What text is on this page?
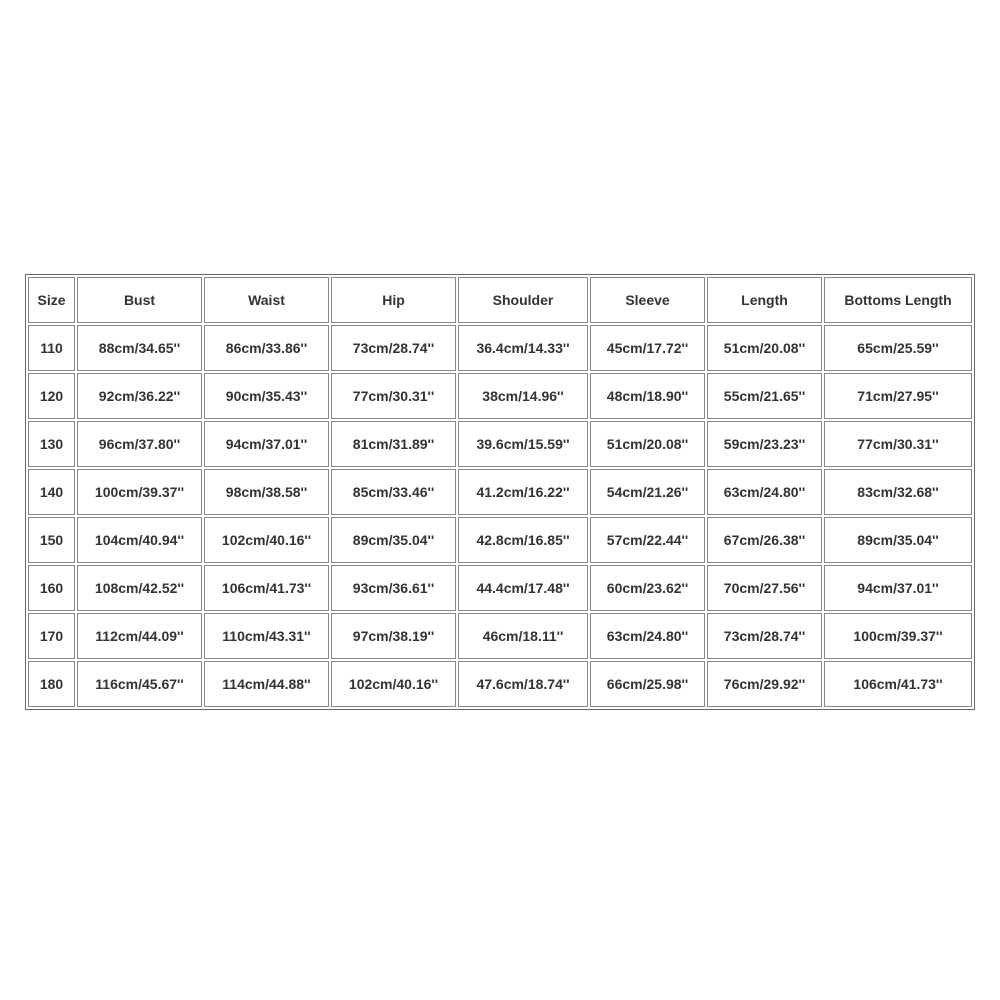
Size	Bust	Waist	Hip	Shoulder	Sleeve	Length	Bottoms Length
110	88cm/34.65''	86cm/33.86''	73cm/28.74''	36.4cm/14.33''	45cm/17.72''	51cm/20.08''	65cm/25.59''
120	92cm/36.22''	90cm/35.43''	77cm/30.31''	38cm/14.96''	48cm/18.90''	55cm/21.65''	71cm/27.95''
130	96cm/37.80''	94cm/37.01''	81cm/31.89''	39.6cm/15.59''	51cm/20.08''	59cm/23.23''	77cm/30.31''
140	100cm/39.37''	98cm/38.58''	85cm/33.46''	41.2cm/16.22''	54cm/21.26''	63cm/24.80''	83cm/32.68''
150	104cm/40.94''	102cm/40.16''	89cm/35.04''	42.8cm/16.85''	57cm/22.44''	67cm/26.38''	89cm/35.04''
160	108cm/42.52''	106cm/41.73''	93cm/36.61''	44.4cm/17.48''	60cm/23.62''	70cm/27.56''	94cm/37.01''
170	112cm/44.09''	110cm/43.31''	97cm/38.19''	46cm/18.11''	63cm/24.80''	73cm/28.74''	100cm/39.37''
180	116cm/45.67''	114cm/44.88''	102cm/40.16''	47.6cm/18.74''	66cm/25.98''	76cm/29.92''	106cm/41.73''
